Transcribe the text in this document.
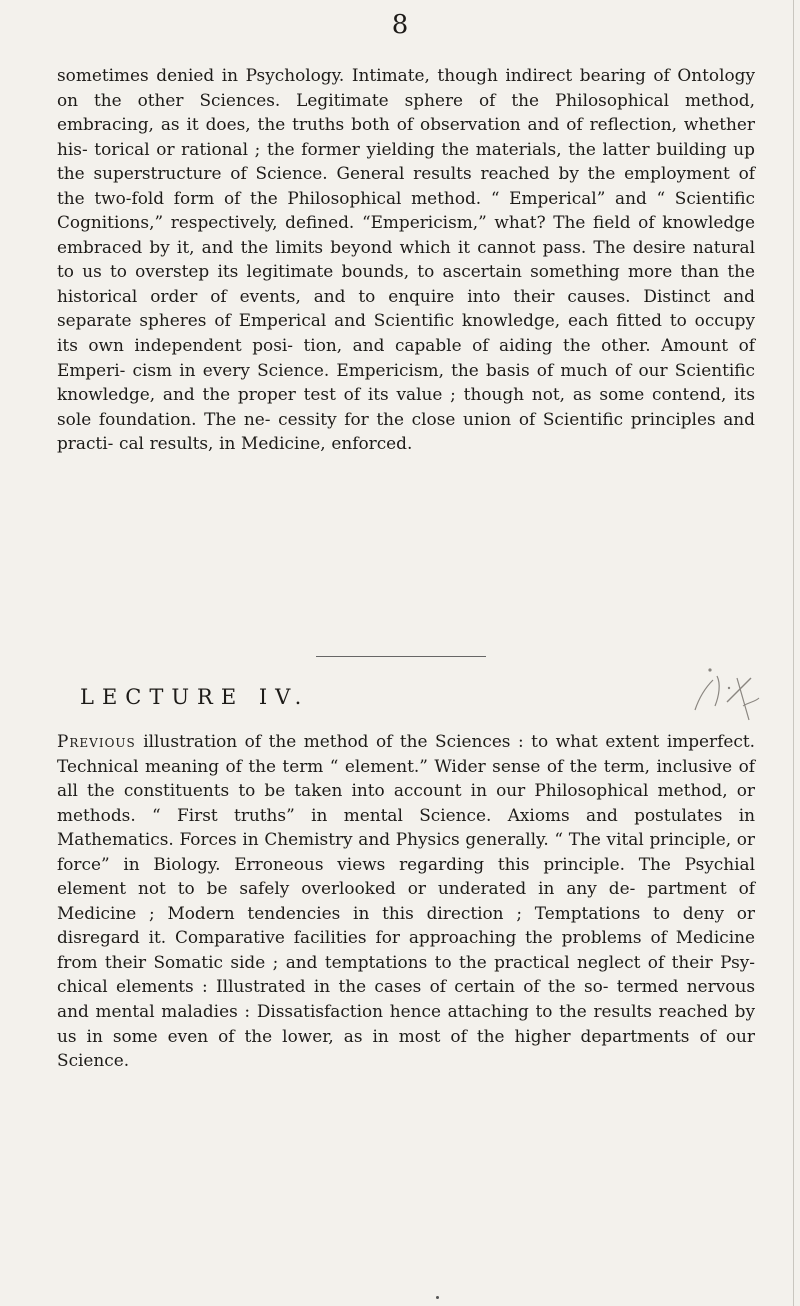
8

sometimes denied in Psychology. Intimate, though indirect bearing of Ontology on the other Sciences. Legitimate sphere of the Philosophical method, embracing, as it does, the truths both of observation and of reflection, whether his- torical or rational ; the former yielding the materials, the latter building up the superstructure of Science. General results reached by the employment of the two-fold form of the Philosophical method. “ Emperical” and “ Scientific Cognitions,” respectively, defined. “Empericism,” what? The field of knowledge embraced by it, and the limits beyond which it cannot pass. The desire natural to us to overstep its legitimate bounds, to ascertain something more than the historical order of events, and to enquire into their causes. Distinct and separate spheres of Emperical and Scientific knowledge, each fitted to occupy its own independent posi- tion, and capable of aiding the other. Amount of Emperi- cism in every Science. Empericism, the basis of much of our Scientific knowledge, and the proper test of its value ; though not, as some contend, its sole foundation. The ne- cessity for the close union of Scientific principles and practi- cal results, in Medicine, enforced.

LECTURE IV.

Previous illustration of the method of the Sciences : to what extent imperfect. Technical meaning of the term “ element.” Wider sense of the term, inclusive of all the constituents to be taken into account in our Philosophical method, or methods. “ First truths” in mental Science. Axioms and postulates in Mathematics. Forces in Chemistry and Physics generally. “ The vital principle, or force” in Biology. Erroneous views regarding this principle. The Psychial element not to be safely overlooked or underated in any de- partment of Medicine ; Modern tendencies in this direction ; Temptations to deny or disregard it. Comparative facilities for approaching the problems of Medicine from their Somatic side ; and temptations to the practical neglect of their Psy- chical elements : Illustrated in the cases of certain of the so- termed nervous and mental maladies : Dissatisfaction hence attaching to the results reached by us in some even of the lower, as in most of the higher departments of our Science.
